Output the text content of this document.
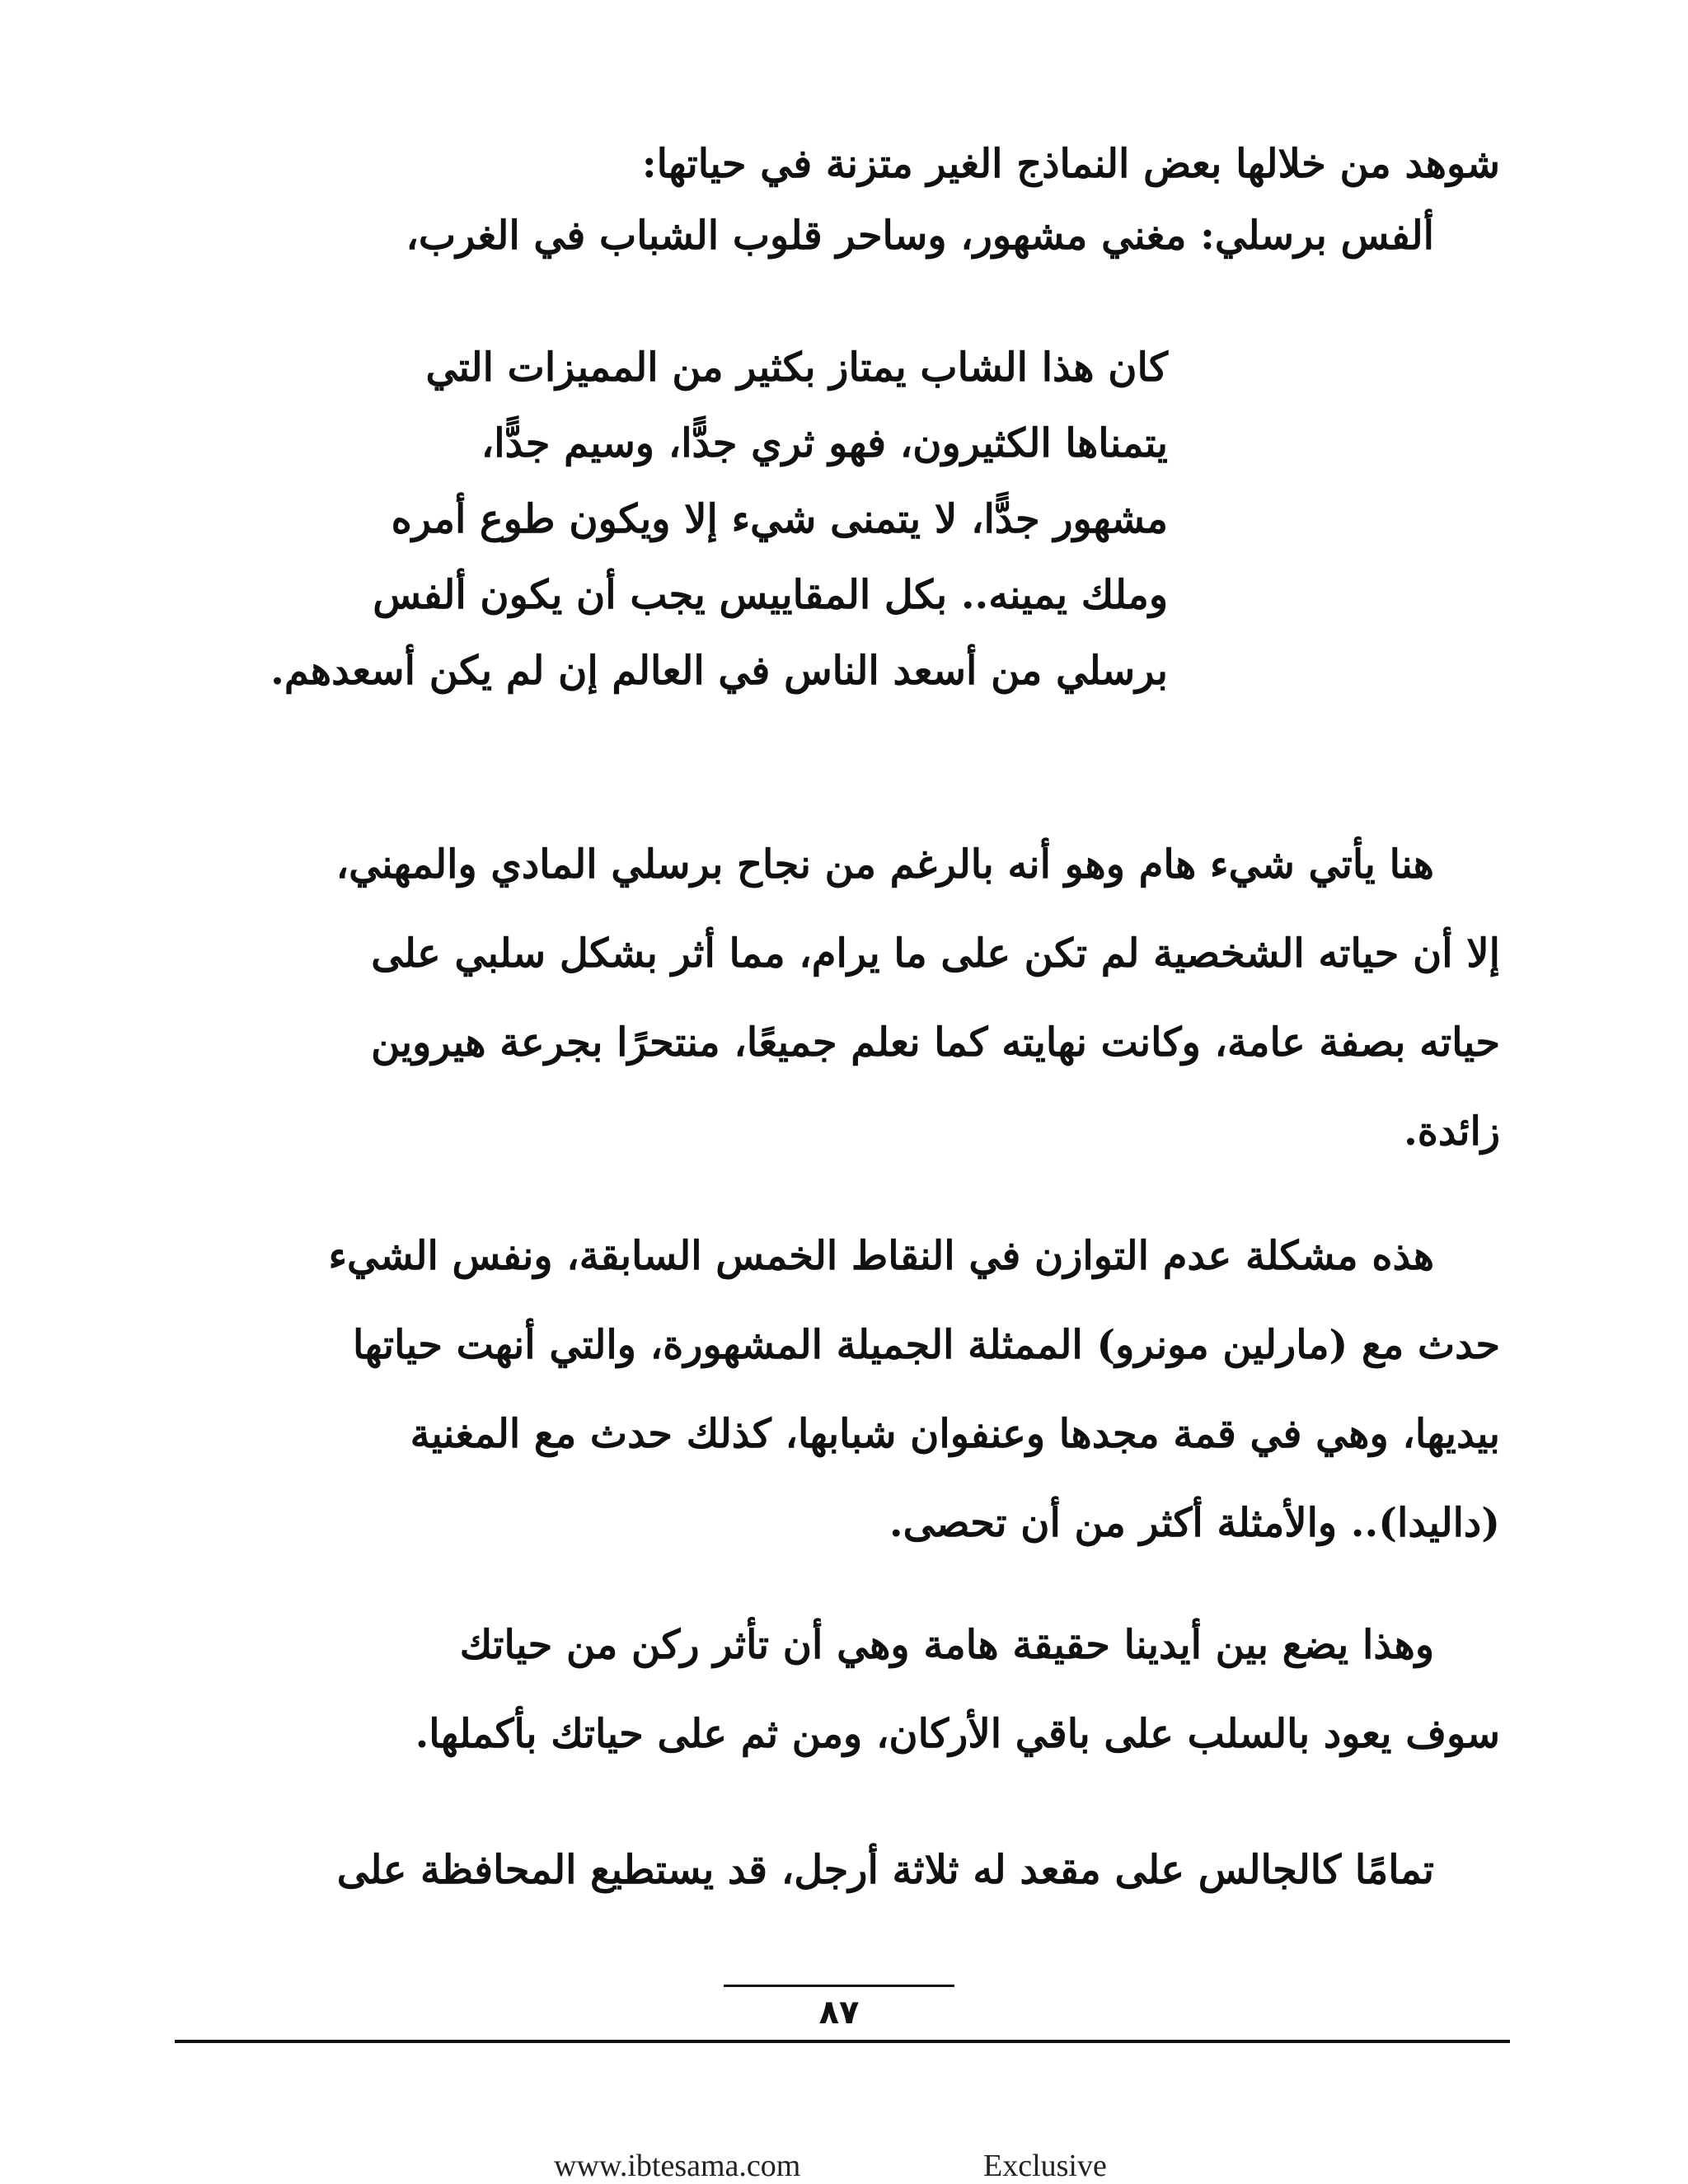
شوهد من خلالها بعض النماذج الغير متزنة في حياتها:
ألفس برسلي: مغني مشهور، وساحر قلوب الشباب في الغرب،
كان هذا الشاب يمتاز بكثير من المميزات التي
يتمناها الكثيرون، فهو ثري جدًّا، وسيم جدًّا،
مشهور جدًّا، لا يتمنى شيء إلا ويكون طوع أمره
وملك يمينه.. بكل المقاييس يجب أن يكون ألفس
برسلي من أسعد الناس في العالم إن لم يكن أسعدهم.
هنا يأتي شيء هام وهو أنه بالرغم من نجاح برسلي المادي والمهني،
إلا أن حياته الشخصية لم تكن على ما يرام، مما أثر بشكل سلبي على
حياته بصفة عامة، وكانت نهايته كما نعلم جميعًا، منتحرًا بجرعة هيروين
زائدة.
هذه مشكلة عدم التوازن في النقاط الخمس السابقة، ونفس الشيء
حدث مع (مارلين مونرو) الممثلة الجميلة المشهورة، والتي أنهت حياتها
بيديها، وهي في قمة مجدها وعنفوان شبابها، كذلك حدث مع المغنية
(داليدا).. والأمثلة أكثر من أن تحصى.
وهذا يضع بين أيدينا حقيقة هامة وهي أن تأثر ركن من حياتك
سوف يعود بالسلب على باقي الأركان، ومن ثم على حياتك بأكملها.
تمامًا كالجالس على مقعد له ثلاثة أرجل، قد يستطيع المحافظة على
٨٧
www.ibtesama.com	Exclusive
